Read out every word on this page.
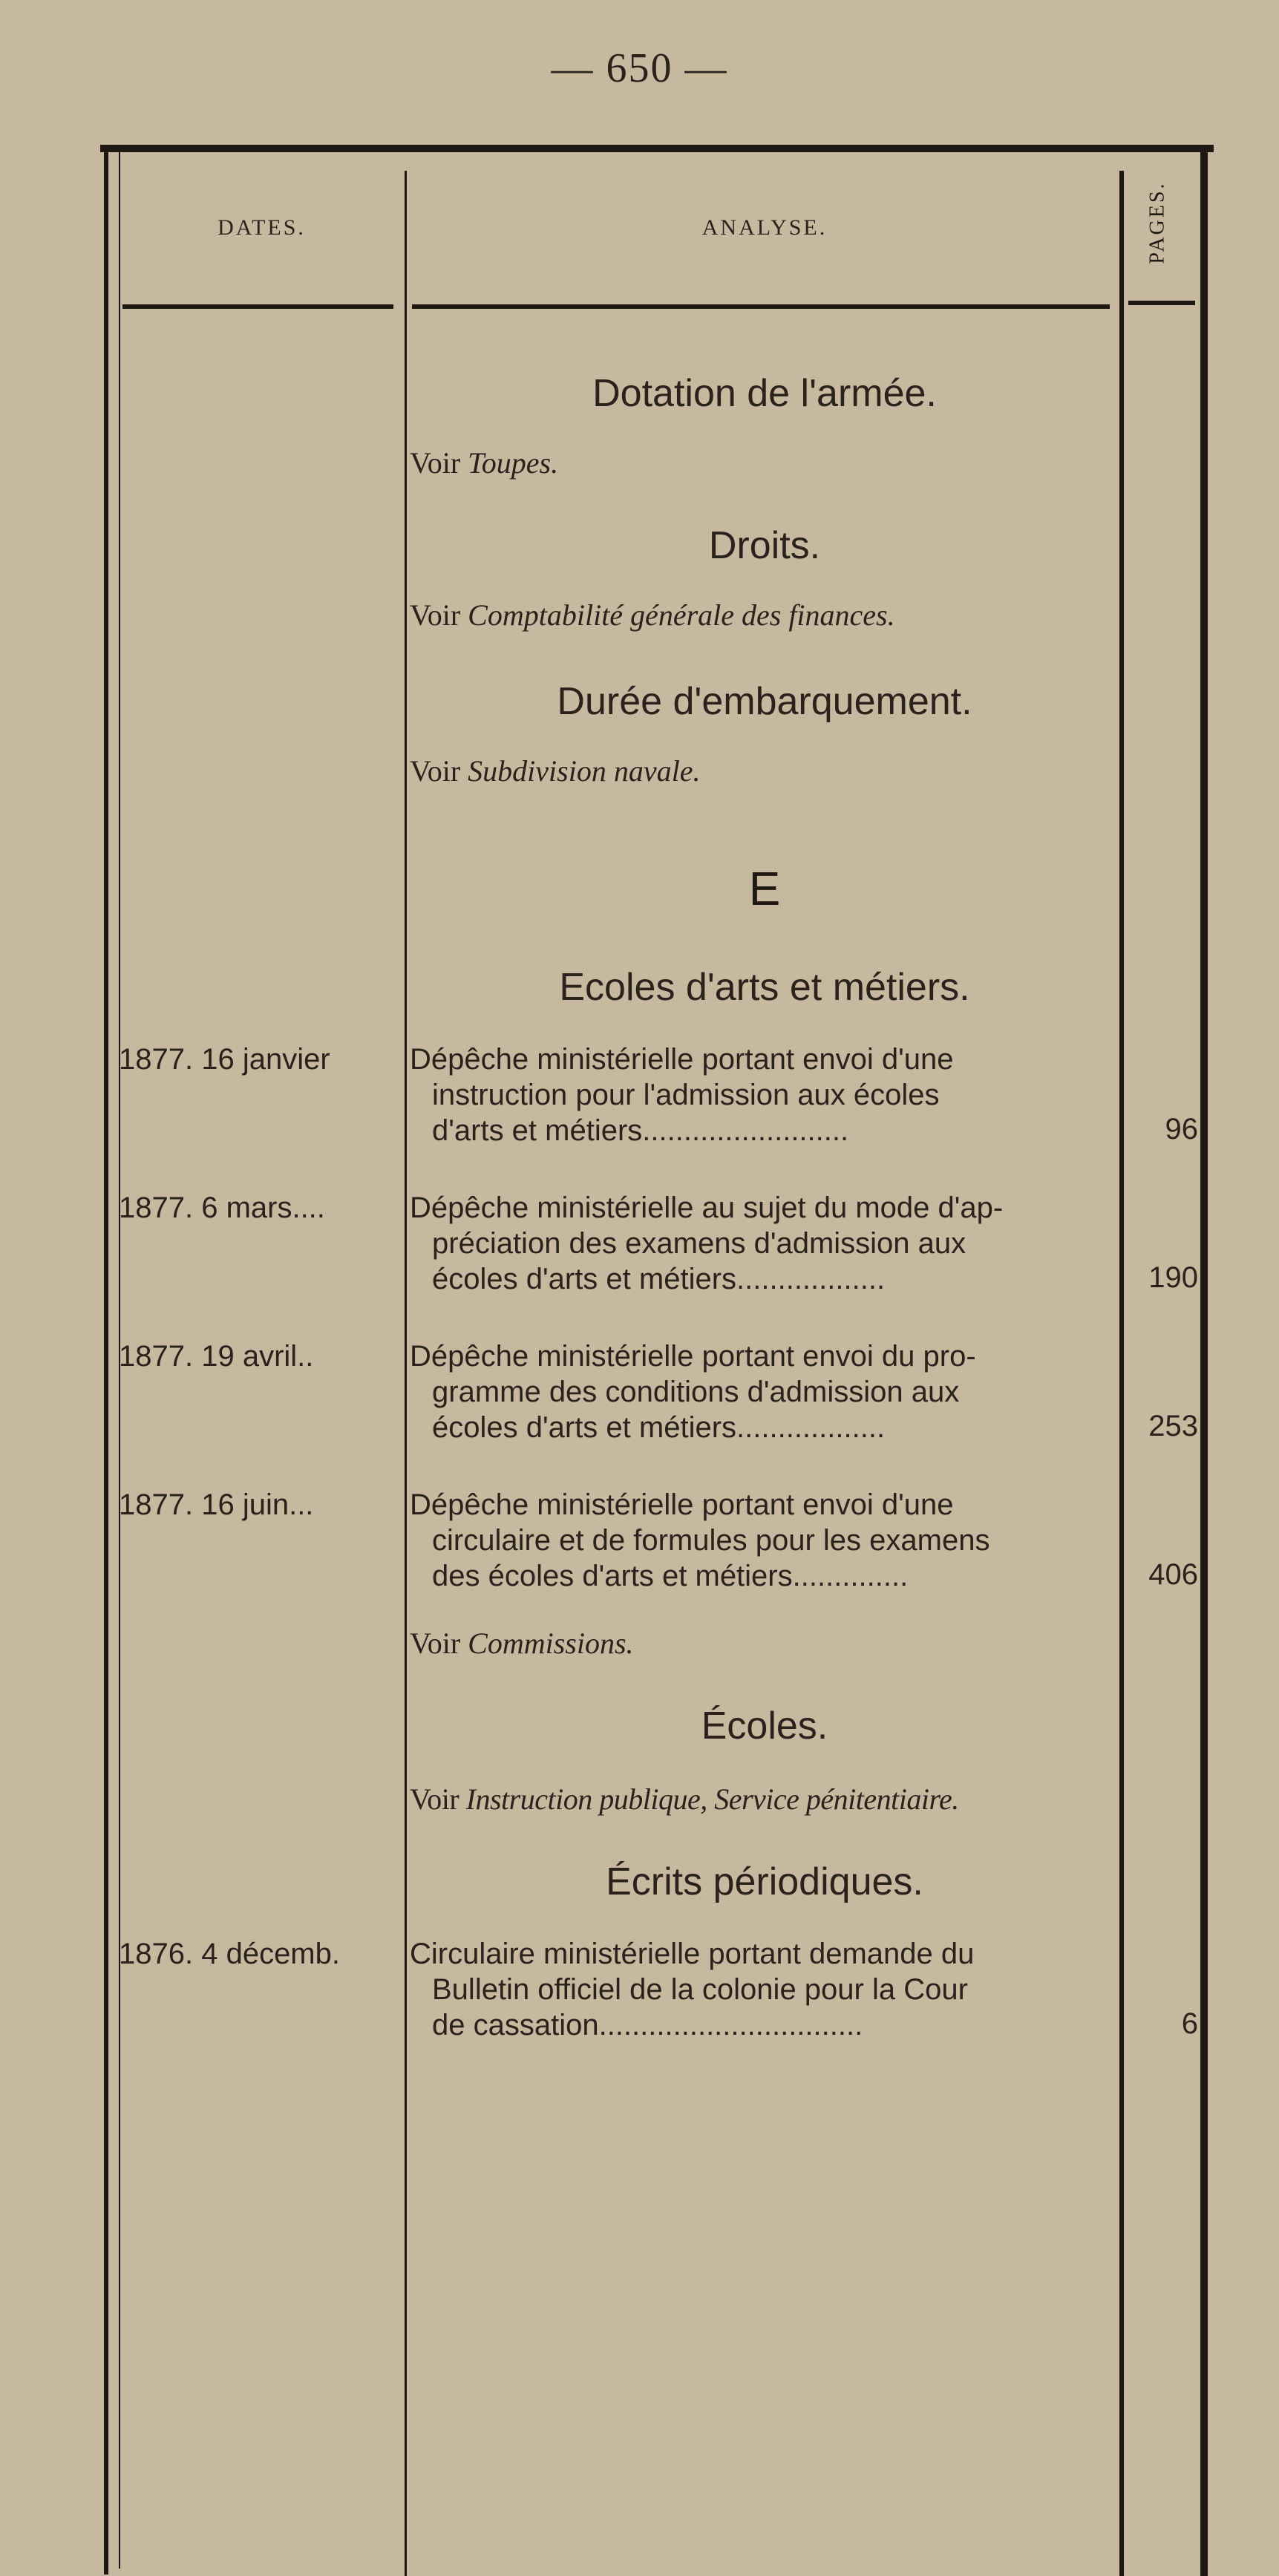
— 650 —
DATES.	ANALYSE.	PAGES.
Dotation de l'armée.
Voir Toupes.
Droits.
Voir Comptabilité générale des finances.
Durée d'embarquement.
Voir Subdivision navale.
E
Ecoles d'arts et métiers.
1877. 16 janvier	Dépêche ministérielle portant envoi d'une
instruction pour l'admission aux écoles
d'arts et métiers.........................	96
1877. 6 mars....	Dépêche ministérielle au sujet du mode d'ap-
préciation des examens d'admission aux
écoles d'arts et métiers..................	190
1877. 19 avril..	Dépêche ministérielle portant envoi du pro-
gramme des conditions d'admission aux
écoles d'arts et métiers..................	253
1877. 16 juin...	Dépêche ministérielle portant envoi d'une
circulaire et de formules pour les examens
des écoles d'arts et métiers..............	406
Voir Commissions.
Écoles.
Voir Instruction publique, Service pénitentiaire.
Écrits périodiques.
1876. 4 décemb.	Circulaire ministérielle portant demande du
Bulletin officiel de la colonie pour la Cour
de cassation................................	6
